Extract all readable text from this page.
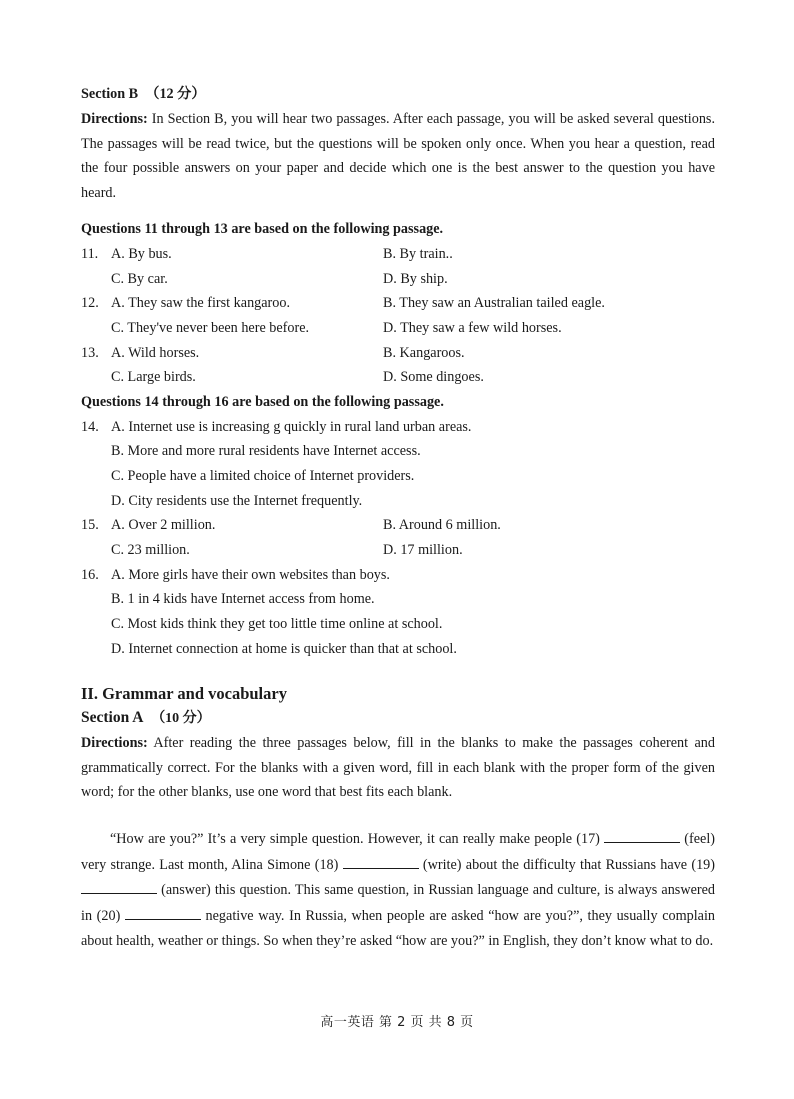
Section B （12 分）
Directions: In Section B, you will hear two passages. After each passage, you will be asked several questions. The passages will be read twice, but the questions will be spoken only once. When you hear a question, read the four possible answers on your paper and decide which one is the best answer to the question you have heard.
Questions 11 through 13 are based on the following passage.
11. A. By bus.	B. By train..
C. By car.	D. By ship.
12. A. They saw the first kangaroo.	B. They saw an Australian tailed eagle.
C. They've never been here before.	D. They saw a few wild horses.
13. A. Wild horses.	B. Kangaroos.
C. Large birds.	D. Some dingoes.
Questions 14 through 16 are based on the following passage.
14. A. Internet use is increasing g quickly in rural land urban areas.
B. More and more rural residents have Internet access.
C. People have a limited choice of Internet providers.
D. City residents use the Internet frequently.
15. A. Over 2 million.	B. Around 6 million.
C. 23 million.	D. 17 million.
16. A. More girls have their own websites than boys.
B. 1 in 4 kids have Internet access from home.
C. Most kids think they get too little time online at school.
D. Internet connection at home is quicker than that at school.
II. Grammar and vocabulary
Section A （10 分）
Directions: After reading the three passages below, fill in the blanks to make the passages coherent and grammatically correct. For the blanks with a given word, fill in each blank with the proper form of the given word; for the other blanks, use one word that best fits each blank.
“How are you?” It’s a very simple question. However, it can really make people (17)	(feel) very strange. Last month, Alina Simone (18)	(write) about the difficulty that Russians have (19)  (answer) this question. This same question, in Russian language and culture, is always answered in (20)	negative way. In Russia, when people are asked “how are you?”, they usually complain about health, weather or things. So when they’re asked “how are you?” in English, they don’t know what to do.
高一英语 第 2 页 共 8 页
